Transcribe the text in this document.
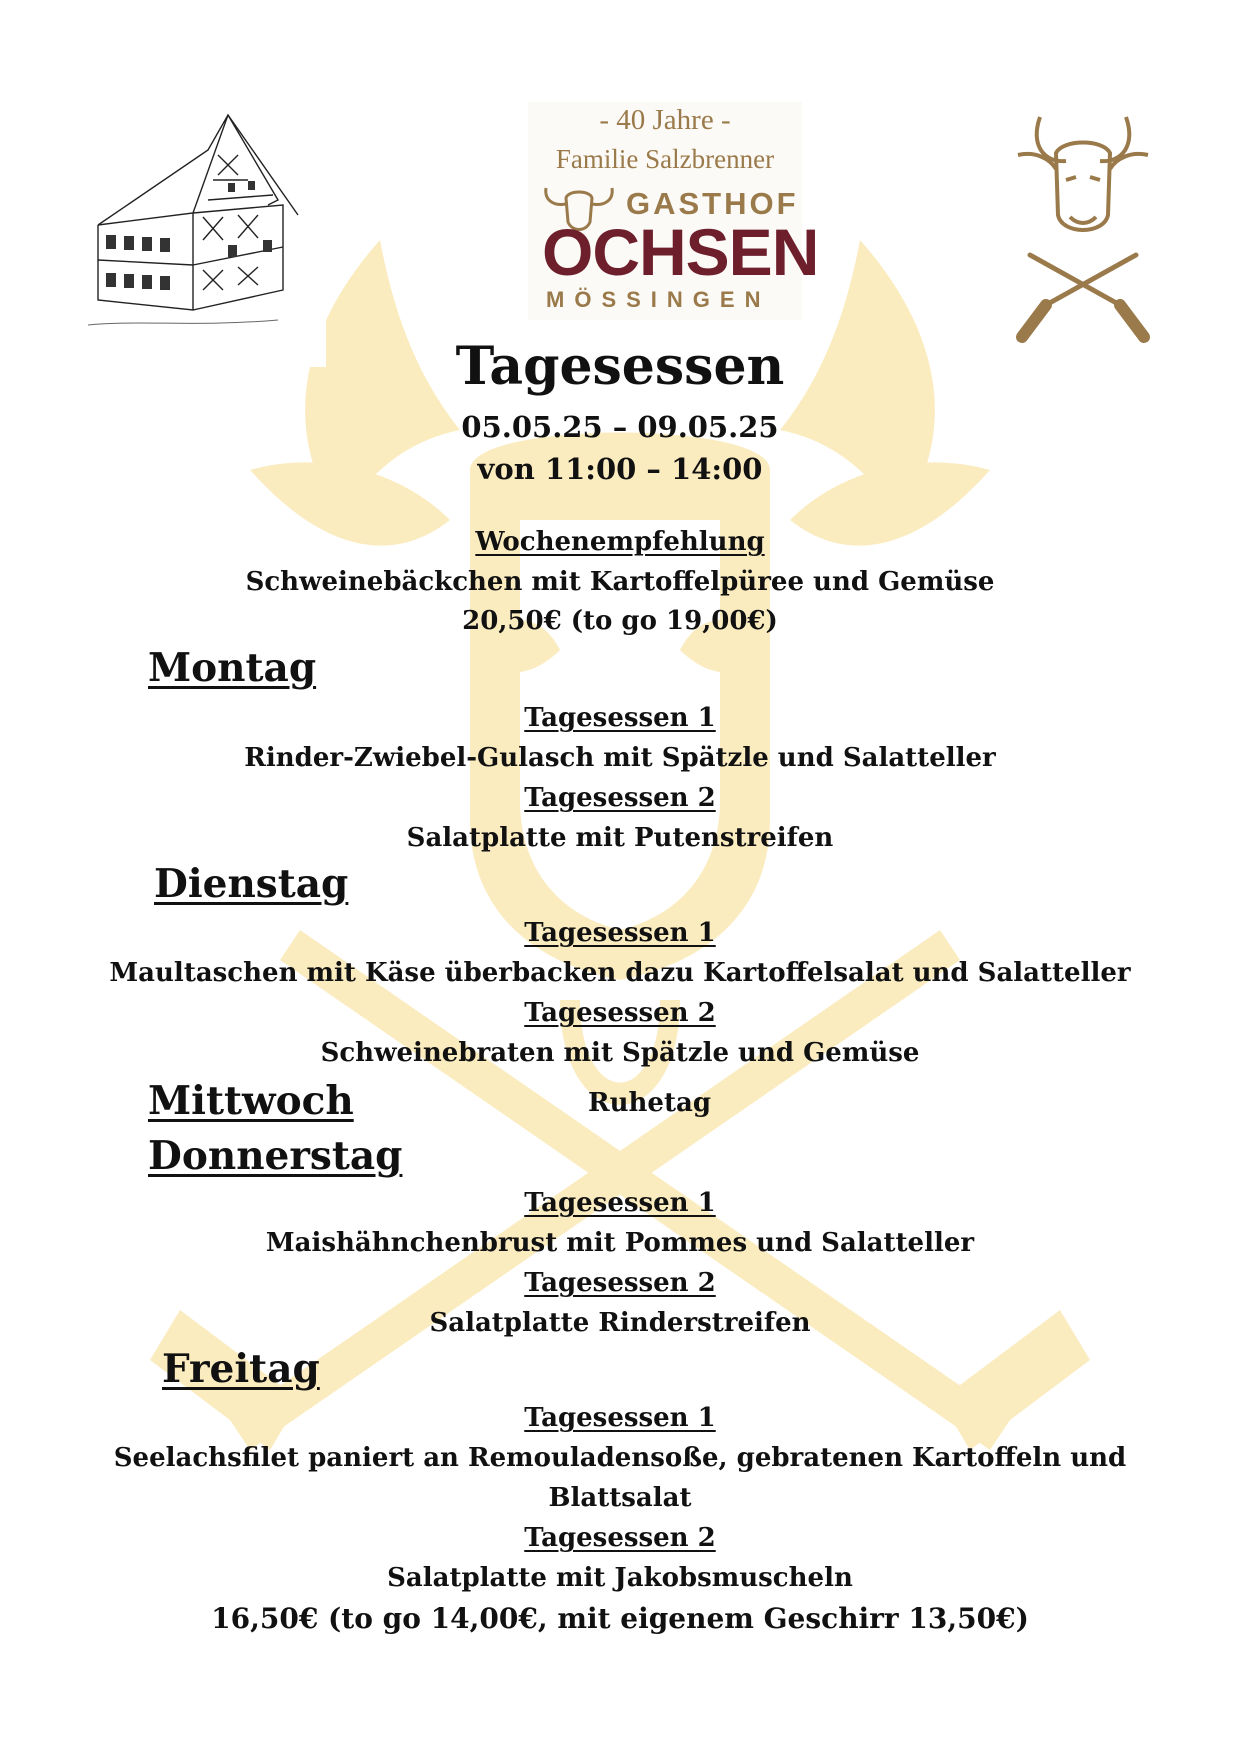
- 40 Jahre -
Familie Salzbrenner
GASTHOF
OCHSEN
MÖSSINGEN
Tagesessen
05.05.25 – 09.05.25
von 11:00 – 14:00
Wochenempfehlung
Schweinebäckchen mit Kartoffelpüree und Gemüse
20,50€ (to go 19,00€)
Montag
Tagesessen 1
Rinder-Zwiebel-Gulasch mit Spätzle und Salatteller
Tagesessen 2
Salatplatte mit Putenstreifen
Dienstag
Tagesessen 1
Maultaschen mit Käse überbacken dazu Kartoffelsalat und Salatteller
Tagesessen 2
Schweinebraten mit Spätzle und Gemüse
Mittwoch	Ruhetag
Donnerstag
Tagesessen 1
Maishähnchenbrust mit Pommes und Salatteller
Tagesessen 2
Salatplatte Rinderstreifen
Freitag
Tagesessen 1
Seelachsfilet paniert an Remouladensoße, gebratenen Kartoffeln und
Blattsalat
Tagesessen 2
Salatplatte mit Jakobsmuscheln
16,50€ (to go 14,00€, mit eigenem Geschirr 13,50€)
